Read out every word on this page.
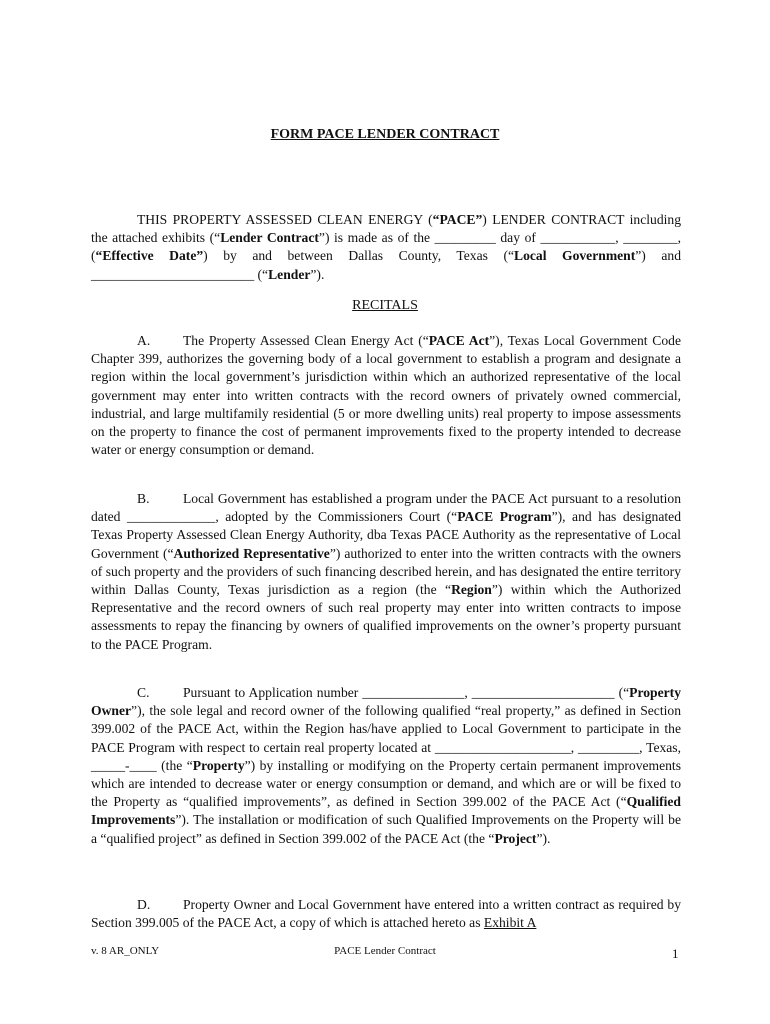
FORM PACE LENDER CONTRACT
THIS PROPERTY ASSESSED CLEAN ENERGY (“PACE”) LENDER CONTRACT including the attached exhibits (“Lender Contract”) is made as of the _________ day of ___________, ________, (“Effective Date”) by and between Dallas County, Texas (“Local Government”) and ________________________ (“Lender”).
RECITALS
A. The Property Assessed Clean Energy Act (“PACE Act”), Texas Local Government Code Chapter 399, authorizes the governing body of a local government to establish a program and designate a region within the local government’s jurisdiction within which an authorized representative of the local government may enter into written contracts with the record owners of privately owned commercial, industrial, and large multifamily residential (5 or more dwelling units) real property to impose assessments on the property to finance the cost of permanent improvements fixed to the property intended to decrease water or energy consumption or demand.
B. Local Government has established a program under the PACE Act pursuant to a resolution dated _____________, adopted by the Commissioners Court (“PACE Program”), and has designated Texas Property Assessed Clean Energy Authority, dba Texas PACE Authority as the representative of Local Government (“Authorized Representative”) authorized to enter into the written contracts with the owners of such property and the providers of such financing described herein, and has designated the entire territory within Dallas County, Texas jurisdiction as a region (the “Region”) within which the Authorized Representative and the record owners of such real property may enter into written contracts to impose assessments to repay the financing by owners of qualified improvements on the owner’s property pursuant to the PACE Program.
C. Pursuant to Application number _______________, _____________________ (“Property Owner”), the sole legal and record owner of the following qualified “real property,” as defined in Section 399.002 of the PACE Act, within the Region has/have applied to Local Government to participate in the PACE Program with respect to certain real property located at ____________________, _________, Texas, _____-____ (the “Property”) by installing or modifying on the Property certain permanent improvements which are intended to decrease water or energy consumption or demand, and which are or will be fixed to the Property as “qualified improvements”, as defined in Section 399.002 of the PACE Act (“Qualified Improvements”). The installation or modification of such Qualified Improvements on the Property will be a “qualified project” as defined in Section 399.002 of the PACE Act (the “Project”).
D. Property Owner and Local Government have entered into a written contract as required by Section 399.005 of the PACE Act, a copy of which is attached hereto as Exhibit A
v. 8 AR_ONLY	PACE Lender Contract	1
